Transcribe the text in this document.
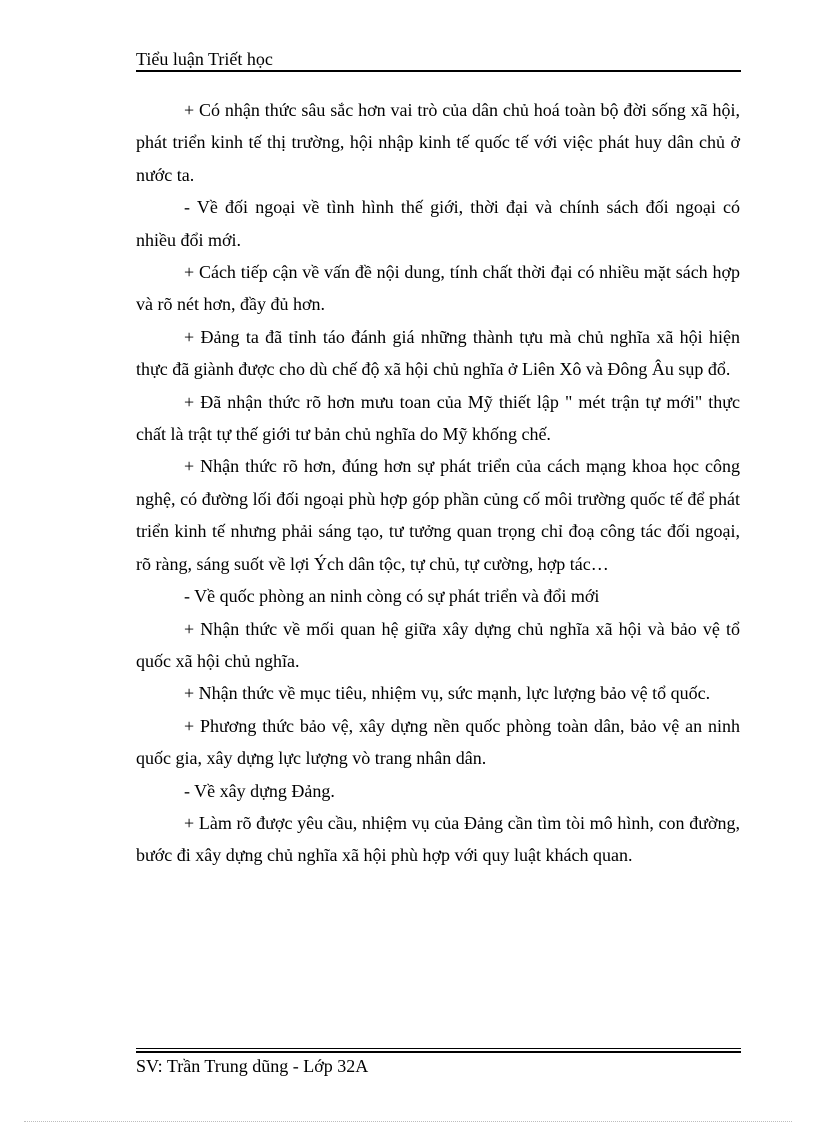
Tiểu luận Triết học

+ Có nhận thức sâu sắc hơn vai trò của dân chủ hoá toàn bộ đời sống xã hội, phát triển kinh tế thị trường, hội nhập kinh tế quốc tế với việc phát huy dân chủ ở nước ta.

- Về đối ngoại về tình hình thế giới, thời đại và chính sách đối ngoại có nhiều đổi mới.

+ Cách tiếp cận về vấn đề nội dung, tính chất thời đại có nhiều mặt sách hợp và rõ nét hơn, đầy đủ hơn.

+ Đảng ta đã tỉnh táo đánh giá những thành tựu mà chủ nghĩa xã hội hiện thực đã giành được cho dù chế độ xã hội chủ nghĩa ở Liên Xô và Đông Âu sụp đổ.

+ Đã nhận thức rõ hơn mưu toan của Mỹ thiết lập " mét trận tự mới" thực chất là trật tự thế giới tư bản chủ nghĩa do Mỹ khống chế.

+ Nhận thức rõ hơn, đúng hơn sự phát triển của cách mạng khoa học công nghệ, có đường lối đối ngoại phù hợp góp phần củng cố môi trường quốc tế để phát triển kinh tế nhưng phải sáng tạo, tư tưởng quan trọng chỉ đoạ công tác đối ngoại, rõ ràng, sáng suốt về lợi Ých dân tộc, tự chủ, tự cường, hợp tác…

- Về quốc phòng an ninh còng có sự phát triển và đổi mới

+ Nhận thức về mối quan hệ giữa xây dựng chủ nghĩa xã hội và bảo vệ tổ quốc xã hội chủ nghĩa.

+ Nhận thức về mục tiêu, nhiệm vụ, sức mạnh, lực lượng bảo vệ tổ quốc.

+ Phương thức bảo vệ, xây dựng nền quốc phòng toàn dân, bảo vệ an ninh quốc gia, xây dựng lực lượng vò trang nhân dân.

- Về xây dựng Đảng.

+ Làm rõ được yêu cầu, nhiệm vụ của Đảng cần tìm tòi mô hình, con đường, bước đi xây dựng chủ nghĩa xã hội phù hợp với quy luật khách quan.

SV: Trần Trung dũng - Lớp 32A
